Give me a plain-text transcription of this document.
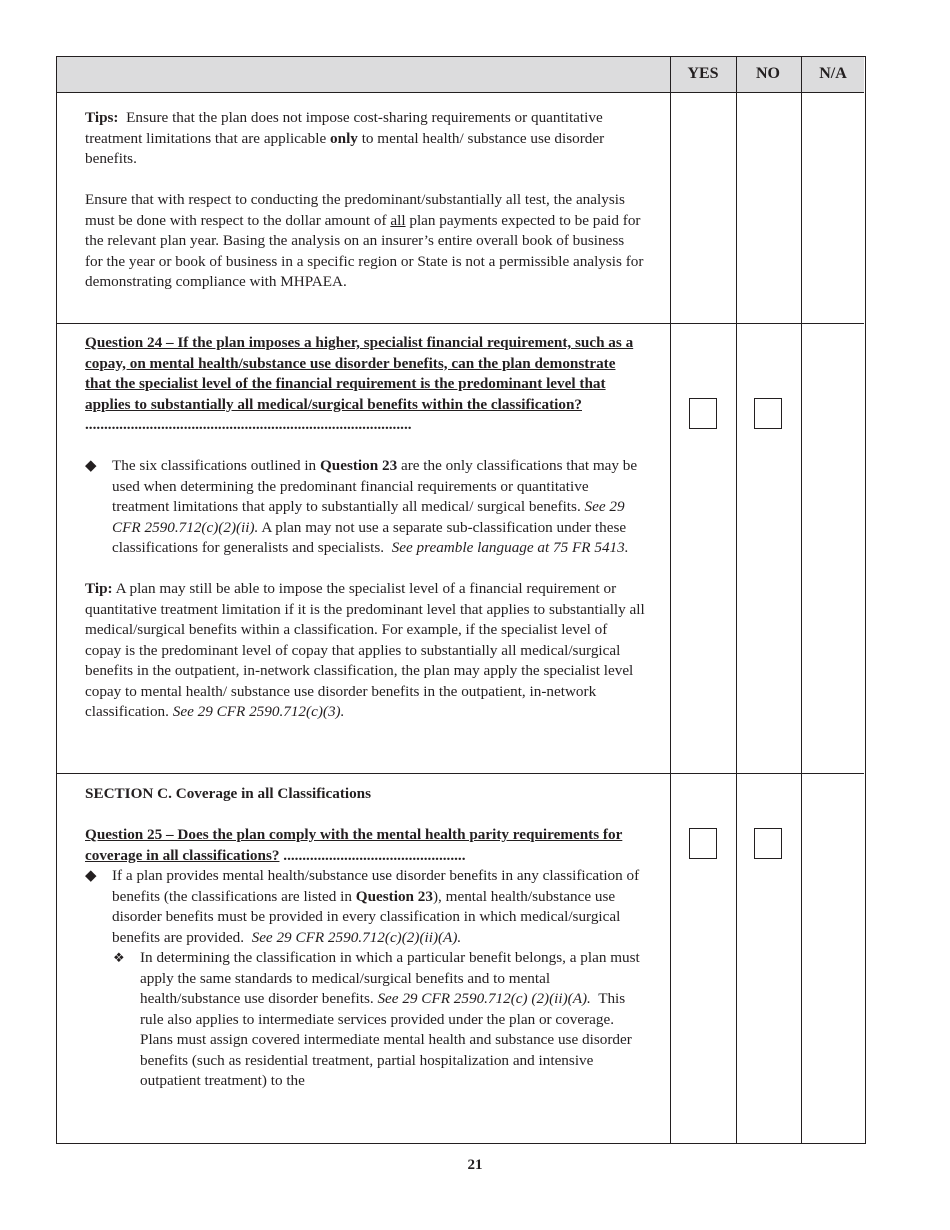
YES	NO	N/A

Tips: Ensure that the plan does not impose cost-sharing requirements or quantitative treatment limitations that are applicable only to mental health/ substance use disorder benefits.

Ensure that with respect to conducting the predominant/substantially all test, the analysis must be done with respect to the dollar amount of all plan payments expected to be paid for the relevant plan year. Basing the analysis on an insurer’s entire overall book of business for the year or book of business in a specific region or State is not a permissible analysis for demonstrating compliance with MHPAEA.

Question 24 – If the plan imposes a higher, specialist financial requirement, such as a copay, on mental health/substance use disorder benefits, can the plan demonstrate that the specialist level of the financial requirement is the predominant level that applies to substantially all medical/surgical benefits within the classification? ......................................................................................

◆ The six classifications outlined in Question 23 are the only classifications that may be used when determining the predominant financial requirements or quantitative treatment limitations that apply to substantially all medical/ surgical benefits. See 29 CFR 2590.712(c)(2)(ii). A plan may not use a separate sub-classification under these classifications for generalists and specialists. See preamble language at 75 FR 5413.

Tip: A plan may still be able to impose the specialist level of a financial requirement or quantitative treatment limitation if it is the predominant level that applies to substantially all medical/surgical benefits within a classification. For example, if the specialist level of copay is the predominant level of copay that applies to substantially all medical/surgical benefits in the outpatient, in-network classification, the plan may apply the specialist level copay to mental health/ substance use disorder benefits in the outpatient, in-network classification. See 29 CFR 2590.712(c)(3).

SECTION C. Coverage in all Classifications

Question 25 – Does the plan comply with the mental health parity requirements for coverage in all classifications? ................................................

◆ If a plan provides mental health/substance use disorder benefits in any classification of benefits (the classifications are listed in Question 23), mental health/substance use disorder benefits must be provided in every classification in which medical/surgical benefits are provided. See 29 CFR 2590.712(c)(2)(ii)(A).

❖ In determining the classification in which a particular benefit belongs, a plan must apply the same standards to medical/surgical benefits and to mental health/substance use disorder benefits. See 29 CFR 2590.712(c) (2)(ii)(A). This rule also applies to intermediate services provided under the plan or coverage. Plans must assign covered intermediate mental health and substance use disorder benefits (such as residential treatment, partial hospitalization and intensive outpatient treatment) to the

21
